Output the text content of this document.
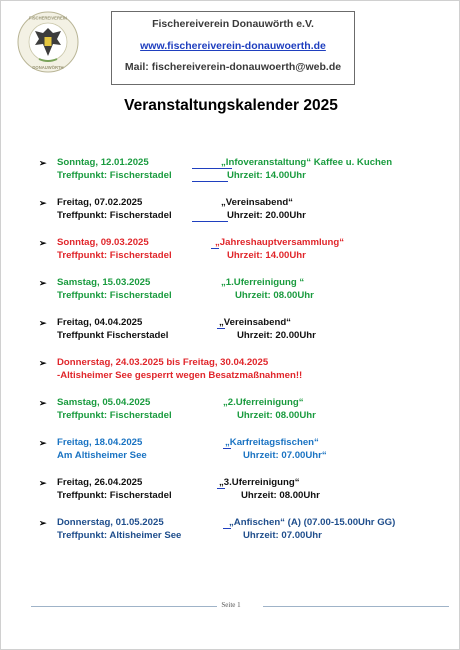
FISCHEREIVEREIN
DONAUWÖRTH
Fischereiverein Donauwörth e.V.
www.fischereiverein-donauwoerth.de
Mail: fischereiverein-donauwoerth@web.de
Veranstaltungskalender 2025
➢ Sonntag, 12.01.2025
Treffpunkt: Fischerstadel
„Infoveranstaltung“ Kaffee u. Kuchen
Uhrzeit: 14.00Uhr
➢ Freitag, 07.02.2025
Treffpunkt: Fischerstadel
„Vereinsabend“
Uhrzeit: 20.00Uhr
➢ Sonntag, 09.03.2025
Treffpunkt: Fischerstadel
„Jahreshauptversammlung“
Uhrzeit: 14.00Uhr
➢ Samstag, 15.03.2025
Treffpunkt: Fischerstadel
„1.Uferreinigung “
Uhrzeit: 08.00Uhr
➢ Freitag, 04.04.2025
Treffpunkt Fischerstadel
„Vereinsabend“
Uhrzeit: 20.00Uhr
➢ Donnerstag, 24.03.2025 bis Freitag, 30.04.2025
-Altisheimer See gesperrt wegen Besatzmaßnahmen!!
➢ Samstag, 05.04.2025
Treffpunkt: Fischerstadel
„2.Uferreinigung“
Uhrzeit: 08.00Uhr
➢ Freitag, 18.04.2025
Am Altisheimer See
„Karfreitagsfischen“
Uhrzeit: 07.00Uhr“
➢ Freitag, 26.04.2025
Treffpunkt: Fischerstadel
„3.Uferreinigung“
Uhrzeit: 08.00Uhr
➢ Donnerstag, 01.05.2025
Treffpunkt: Altisheimer See
„Anfischen“ (A) (07.00-15.00Uhr GG)
Uhrzeit: 07.00Uhr
Seite 1
